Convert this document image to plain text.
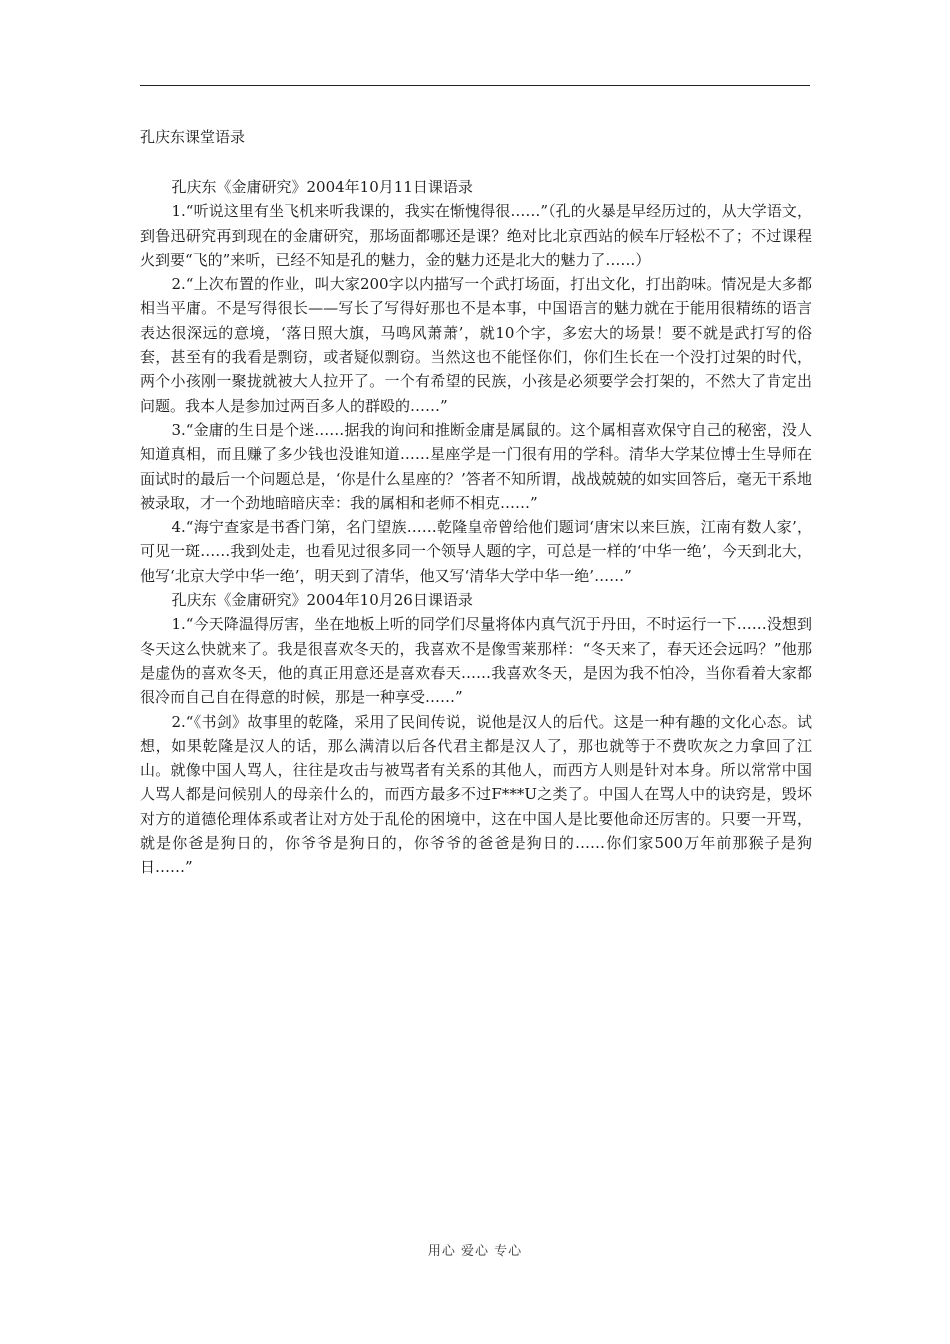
孔庆东课堂语录

孔庆东《金庸研究》2004年10月11日课语录

1.“听说这里有坐飞机来听我课的，我实在惭愧得很……”（孔的火暴是早经历过的，从大学语文，到鲁迅研究再到现在的金庸研究，那场面都哪还是课？绝对比北京西站的候车厅轻松不了；不过课程火到要“飞的”来听，已经不知是孔的魅力，金的魅力还是北大的魅力了……）

2.“上次布置的作业，叫大家200字以内描写一个武打场面，打出文化，打出韵味。情况是大多都相当平庸。不是写得很长——写长了写得好那也不是本事，中国语言的魅力就在于能用很精练的语言表达很深远的意境，‘落日照大旗，马鸣风萧萧’，就10个字，多宏大的场景！要不就是武打写的俗套，甚至有的我看是剽窃，或者疑似剽窃。当然这也不能怪你们，你们生长在一个没打过架的时代，两个小孩刚一聚拢就被大人拉开了。一个有希望的民族，小孩是必须要学会打架的，不然大了肯定出问题。我本人是参加过两百多人的群殴的……”

3.“金庸的生日是个迷……据我的询问和推断金庸是属鼠的。这个属相喜欢保守自己的秘密，没人知道真相，而且赚了多少钱也没谁知道……星座学是一门很有用的学科。清华大学某位博士生导师在面试时的最后一个问题总是，‘你是什么星座的？’答者不知所谓，战战兢兢的如实回答后，毫无干系地被录取，才一个劲地暗暗庆幸：我的属相和老师不相克……”

4.“海宁查家是书香门第，名门望族……乾隆皇帝曾给他们题词‘唐宋以来巨族，江南有数人家’，可见一斑……我到处走，也看见过很多同一个领导人题的字，可总是一样的‘中华一绝’，今天到北大，他写‘北京大学中华一绝’，明天到了清华，他又写‘清华大学中华一绝’……”

孔庆东《金庸研究》2004年10月26日课语录

1.“今天降温得厉害，坐在地板上听的同学们尽量将体内真气沉于丹田，不时运行一下……没想到冬天这么快就来了。我是很喜欢冬天的，我喜欢不是像雪莱那样：“冬天来了，春天还会远吗？”他那是虚伪的喜欢冬天，他的真正用意还是喜欢春天……我喜欢冬天，是因为我不怕冷，当你看着大家都很冷而自己自在得意的时候，那是一种享受……”

2.“《书剑》故事里的乾隆，采用了民间传说，说他是汉人的后代。这是一种有趣的文化心态。试想，如果乾隆是汉人的话，那么满清以后各代君主都是汉人了，那也就等于不费吹灰之力拿回了江山。就像中国人骂人，往往是攻击与被骂者有关系的其他人，而西方人则是针对本身。所以常常中国人骂人都是问候别人的母亲什么的，而西方最多不过F***U之类了。中国人在骂人中的诀窍是，毁坏对方的道德伦理体系或者让对方处于乱伦的困境中，这在中国人是比要他命还厉害的。只要一开骂，就是你爸是狗日的，你爷爷是狗日的，你爷爷的爸爸是狗日的……你们家500万年前那猴子是狗日……”

用心 爱心 专心
